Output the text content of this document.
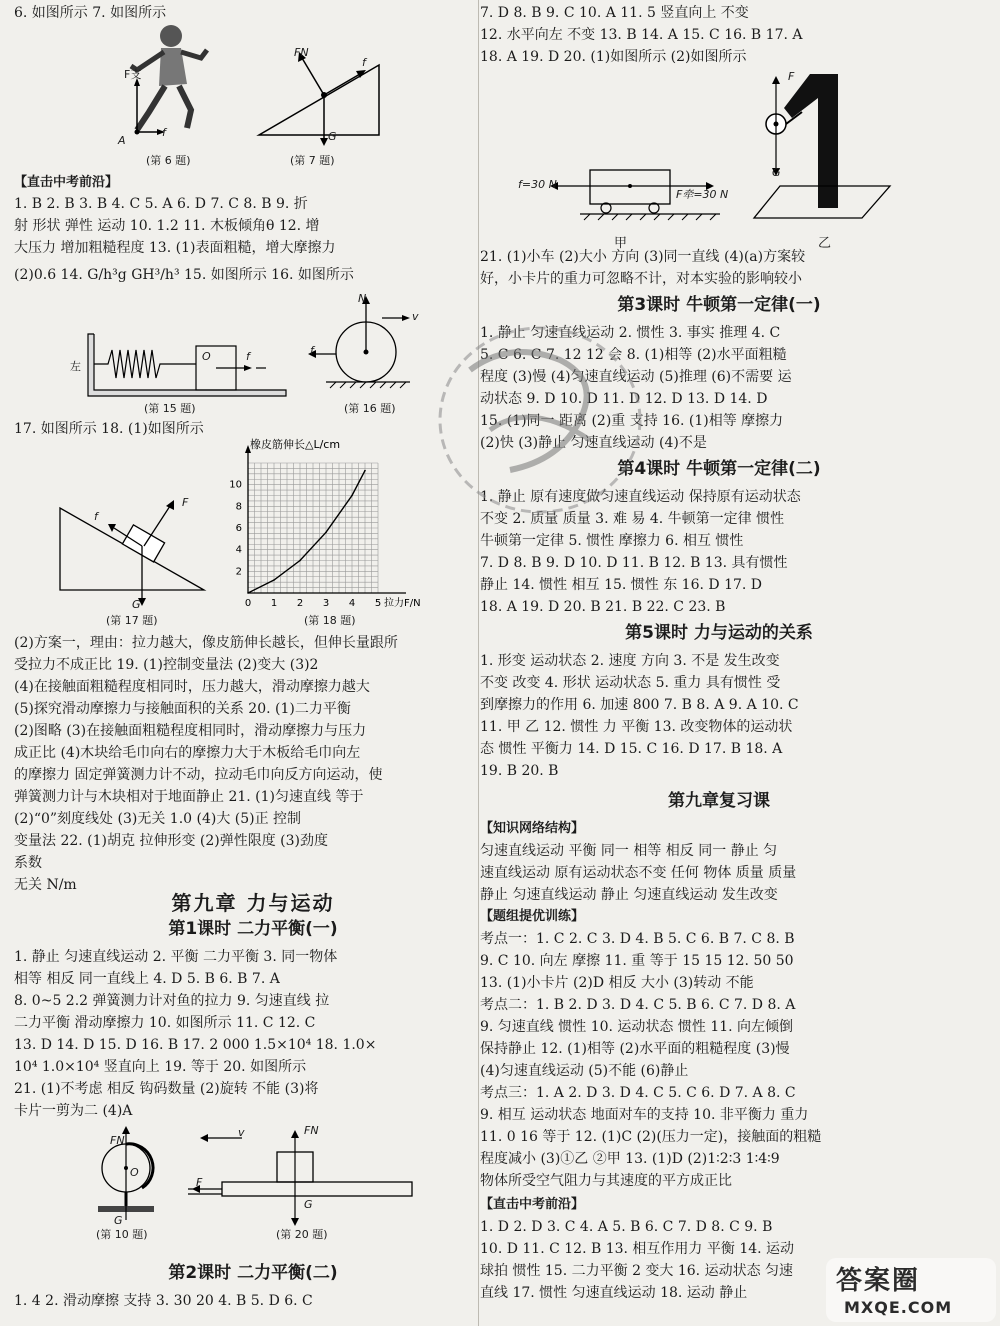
6. 如图所示 7. 如图所示
F支
f
A
(第 6 题)
FN
f
G
(第 7 题)
【直击中考前沿】
1. B 2. B 3. B 4. C 5. A 6. D 7. C 8. B 9. 折
射 形状 弹性 运动 10. 1.2 11. 木板倾角θ 12. 增
大压力 增加粗糙程度 13. (1)表面粗糙，增大摩擦力
(2)0.6 14. G/h³g GH³/h³ 15. 如图所示 16. 如图所示
左
O	f
(第 15 题)
N
v
f
(第 16 题)
17. 如图所示 18. (1)如图所示
f
F
G
(第 17 题)
0 1 2 3 4 5
2
4
6
8
10
橡皮筋伸长△L/cm
拉力F/N
(第 18 题)
(2)方案一，理由：拉力越大，像皮筋伸长越长，但伸长量跟所
受拉力不成正比 19. (1)控制变量法 (2)变大 (3)2
(4)在接触面粗糙程度相同时，压力越大，滑动摩擦力越大
(5)探究滑动摩擦力与接触面积的关系 20. (1)二力平衡
(2)图略 (3)在接触面粗糙程度相同时，滑动摩擦力与压力
成正比 (4)木块给毛巾向右的摩擦力大于木板给毛巾向左
的摩擦力 固定弹簧测力计不动，拉动毛巾向反方向运动，使
弹簧测力计与木块相对于地面静止 21. (1)匀速直线 等于
(2)“0”刻度线处 (3)无关 1.0 (4)大 (5)正 控制
变量法 22. (1)胡克 拉伸形变 (2)弹性限度 (3)劲度
系数
无关 N/m
第九章 力与运动
第1课时 二力平衡(一)
1. 静止 匀速直线运动 2. 平衡 二力平衡 3. 同一物体
相等 相反 同一直线上 4. D 5. B 6. B 7. A
8. 0~5 2.2 弹簧测力计对鱼的拉力 9. 匀速直线 拉
二力平衡 滑动摩擦力 10. 如图所示 11. C 12. C
13. D 14. D 15. D 16. B 17. 2 000 1.5×10⁴ 18. 1.0×
10⁴ 1.0×10⁴ 竖直向上 19. 等于 20. 如图所示
21. (1)不考虑 相反 钩码数量 (2)旋转 不能 (3)将
卡片一剪为二 (4)A
FN
O
G
(第 10 题)
v	FN
F
G
(第 20 题)
第2课时 二力平衡(二)
1. 4 2. 滑动摩擦 支持 3. 30 20 4. B 5. D 6. C
7. D 8. B 9. C 10. A 11. 5 竖直向上 不变
12. 水平向左 不变 13. B 14. A 15. C 16. B 17. A
18. A 19. D 20. (1)如图所示 (2)如图所示
f=30 N
F牵=30 N
甲
F
G
乙
21. (1)小车 (2)大小 方向 (3)同一直线 (4)(a)方案较
好，小卡片的重力可忽略不计，对本实验的影响较小
第3课时 牛顿第一定律(一)
1. 静止 匀速直线运动 2. 惯性 3. 事实 推理 4. C
5. C 6. C 7. 12 12 会 8. (1)相等 (2)水平面粗糙
程度 (3)慢 (4)匀速直线运动 (5)推理 (6)不需要 运
动状态 9. D 10. D 11. D 12. D 13. D 14. D
15. (1)同一 距离 (2)重 支持 16. (1)相等 摩擦力
(2)快 (3)静止 匀速直线运动 (4)不是
第4课时 牛顿第一定律(二)
1. 静止 原有速度做匀速直线运动 保持原有运动状态
不变 2. 质量 质量 3. 难 易 4. 牛顿第一定律 惯性
牛顿第一定律 5. 惯性 摩擦力 6. 相互 惯性
7. D 8. B 9. D 10. D 11. B 12. B 13. 具有惯性
静止 14. 惯性 相互 15. 惯性 东 16. D 17. D
18. A 19. D 20. B 21. B 22. C 23. B
第5课时 力与运动的关系
1. 形变 运动状态 2. 速度 方向 3. 不是 发生改变
不变 改变 4. 形状 运动状态 5. 重力 具有惯性 受
到摩擦力的作用 6. 加速 800 7. B 8. A 9. A 10. C
11. 甲 乙 12. 惯性 力 平衡 13. 改变物体的运动状
态 惯性 平衡力 14. D 15. C 16. D 17. B 18. A
19. B 20. B
第九章复习课
【知识网络结构】
匀速直线运动 平衡 同一 相等 相反 同一 静止 匀
速直线运动 原有运动状态不变 任何 物体 质量 质量
静止 匀速直线运动 静止 匀速直线运动 发生改变
【题组提优训练】
考点一：1. C 2. C 3. D 4. B 5. C 6. B 7. C 8. B
9. C 10. 向左 摩擦 11. 重 等于 15 15 12. 50 50
13. (1)小卡片 (2)D 相反 大小 (3)转动 不能
考点二：1. B 2. D 3. D 4. C 5. B 6. C 7. D 8. A
9. 匀速直线 惯性 10. 运动状态 惯性 11. 向左倾倒
保持静止 12. (1)相等 (2)水平面的粗糙程度 (3)慢
(4)匀速直线运动 (5)不能 (6)静止
考点三：1. A 2. D 3. D 4. C 5. C 6. D 7. A 8. C
9. 相互 运动状态 地面对车的支持 10. 非平衡力 重力
11. 0 16 等于 12. (1)C (2)(压力一定)，接触面的粗糙
程度减小 (3)①乙 ②甲 13. (1)D (2)1∶2∶3 1∶4∶9
物体所受空气阻力与其速度的平方成正比
【直击中考前沿】
1. D 2. D 3. C 4. A 5. B 6. C 7. D 8. C 9. B
10. D 11. C 12. B 13. 相互作用力 平衡 14. 运动
球拍 惯性 15. 二力平衡 2 变大 16. 运动状态 匀速
直线 17. 惯性 匀速直线运动 18. 运动 静止	答案圈
MXQE.COM
